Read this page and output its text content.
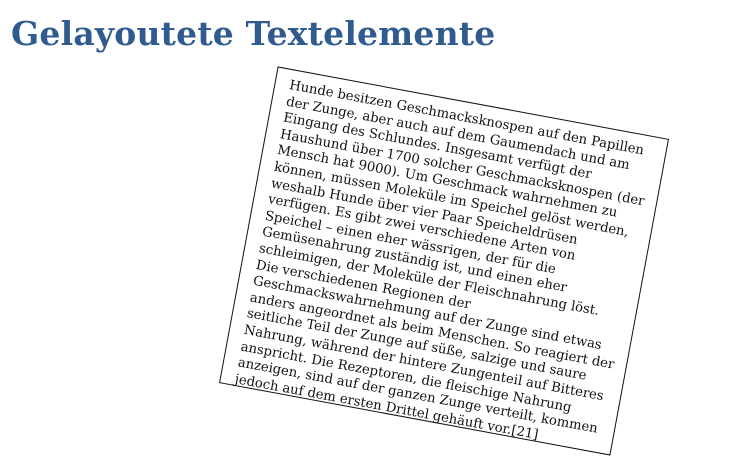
Gelayoutete Textelemente

Hunde besitzen Geschmacksknospen auf den Papillen der Zunge, aber auch auf dem Gaumendach und am Eingang des Schlundes. Insgesamt verfügt der Haushund über 1700 solcher Geschmacksknospen (der Mensch hat 9000). Um Geschmack wahrnehmen zu können, müssen Moleküle im Speichel gelöst werden, weshalb Hunde über vier Paar Speicheldrüsen verfügen. Es gibt zwei verschiedene Arten von Speichel – einen eher wässrigen, der für die Gemüsenahrung zuständig ist, und einen eher schleimigen, der Moleküle der Fleischnahrung löst. Die verschiedenen Regionen der Geschmackswahrnehmung auf der Zunge sind etwas anders angeordnet als beim Menschen. So reagiert der seitliche Teil der Zunge auf süße, salzige und saure Nahrung, während der hintere Zungenteil auf Bitteres anspricht. Die Rezeptoren, die fleischige Nahrung anzeigen, sind auf der ganzen Zunge verteilt, kommen jedoch auf dem ersten Drittel gehäuft vor.[21]
